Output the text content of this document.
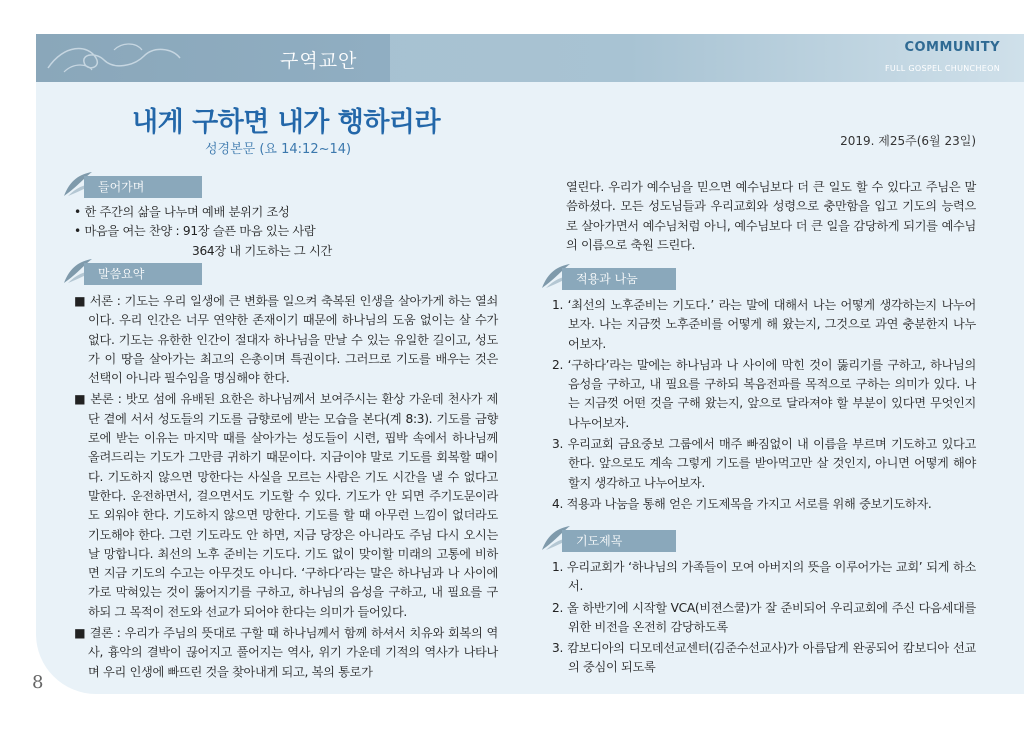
구역교안
COMMUNITY
FULL GOSPEL CHUNCHEON
내게 구하면 내가 행하리라
성경본문 (요 14:12~14)
2019. 제25주(6월 23일)
들어가며
• 한 주간의 삶을 나누며 예배 분위기 조성
• 마음을 여는 찬양 : 91장 슬픈 마음 있는 사람
364장 내 기도하는 그 시간
말씀요약

■ 서론 : 기도는 우리 일생에 큰 변화를 일으켜 축복된 인생을 살아가게 하는 열쇠이다. 우리 인간은 너무 연약한 존재이기 때문에 하나님의 도움 없이는 살 수가 없다. 기도는 유한한 인간이 절대자 하나님을 만날 수 있는 유일한 길이고, 성도가 이 땅을 살아가는 최고의 은총이며 특권이다. 그러므로 기도를 배우는 것은 선택이 아니라 필수임을 명심해야 한다.

■ 본론 : 밧모 섬에 유배된 요한은 하나님께서 보여주시는 환상 가운데 천사가 제단 곁에 서서 성도들의 기도를 금향로에 받는 모습을 본다(계 8:3). 기도를 금향로에 받는 이유는 마지막 때를 살아가는 성도들이 시련, 핍박 속에서 하나님께 올려드리는 기도가 그만큼 귀하기 때문이다. 지금이야 말로 기도를 회복할 때이다. 기도하지 않으면 망한다는 사실을 모르는 사람은 기도 시간을 낼 수 없다고 말한다. 운전하면서, 걸으면서도 기도할 수 있다. 기도가 안 되면 주기도문이라도 외워야 한다. 기도하지 않으면 망한다. 기도를 할 때 아무런 느낌이 없더라도 기도해야 한다. 그런 기도라도 안 하면, 지금 당장은 아니라도 주님 다시 오시는 날 망합니다. 최선의 노후 준비는 기도다. 기도 없이 맞이할 미래의 고통에 비하면 지금 기도의 수고는 아무것도 아니다. ‘구하다’라는 말은 하나님과 나 사이에 가로 막혀있는 것이 뚫어지기를 구하고, 하나님의 음성을 구하고, 내 필요를 구하되 그 목적이 전도와 선교가 되어야 한다는 의미가 들어있다.

■ 결론 : 우리가 주님의 뜻대로 구할 때 하나님께서 함께 하셔서 치유와 회복의 역사, 흉악의 결박이 끊어지고 풀어지는 역사, 위기 가운데 기적의 역사가 나타나며 우리 인생에 빠뜨린 것을 찾아내게 되고, 복의 통로가

열린다. 우리가 예수님을 믿으면 예수님보다 더 큰 일도 할 수 있다고 주님은 말씀하셨다. 모든 성도님들과 우리교회와 성령으로 충만함을 입고 기도의 능력으로 살아가면서 예수님처럼 아니, 예수님보다 더 큰 일을 감당하게 되기를 예수님의 이름으로 축원 드린다.
적용과 나눔

1. ‘최선의 노후준비는 기도다.’ 라는 말에 대해서 나는 어떻게 생각하는지 나누어보자. 나는 지금껏 노후준비를 어떻게 해 왔는지, 그것으로 과연 충분한지 나누어보자.

2. ‘구하다’라는 말에는 하나님과 나 사이에 막힌 것이 뚫리기를 구하고, 하나님의 음성을 구하고, 내 필요를 구하되 복음전파를 목적으로 구하는 의미가 있다. 나는 지금껏 어떤 것을 구해 왔는지, 앞으로 달라져야 할 부분이 있다면 무엇인지 나누어보자.

3. 우리교회 금요중보 그룹에서 매주 빠짐없이 내 이름을 부르며 기도하고 있다고 한다. 앞으로도 계속 그렇게 기도를 받아먹고만 살 것인지, 아니면 어떻게 해야 할지 생각하고 나누어보자.

4. 적용과 나눔을 통해 얻은 기도제목을 가지고 서로를 위해 중보기도하자.

기도제목

1. 우리교회가 ‘하나님의 가족들이 모여 아버지의 뜻을 이루어가는 교회’ 되게 하소서.

2. 올 하반기에 시작할 VCA(비젼스쿨)가 잘 준비되어 우리교회에 주신 다음세대를 위한 비전을 온전히 감당하도록

3. 캄보디아의 디모데선교센터(김준수선교사)가 아름답게 완공되어 캄보디아 선교의 중심이 되도록

8
